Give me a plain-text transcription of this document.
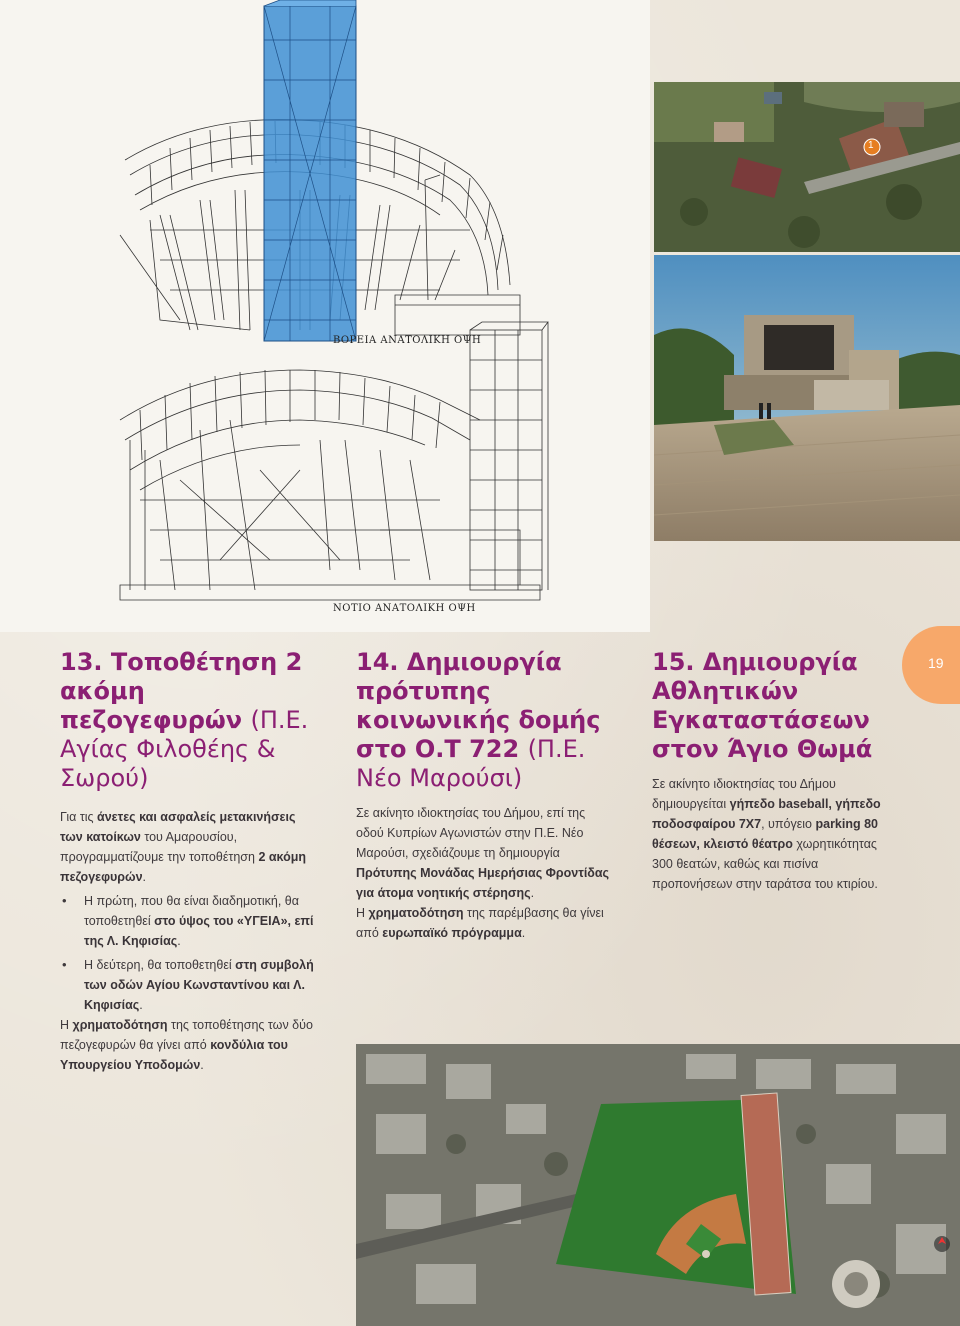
ΒΟΡΕΙΑ ΑΝΑΤΟΛΙΚΗ ΟΨΗ
ΝΟΤΙΟ ΑΝΑΤΟΛΙΚΗ ΟΨΗ
1
13. Τοποθέτηση 2 ακόμη πεζογεφυρών (Π.Ε. Αγίας Φιλοθέης & Σωρού)
Για τις άνετες και ασφαλείς μετακινήσεις των κατοίκων του Αμαρουσίου, προγραμματίζουμε την τοποθέτηση 2 ακόμη πεζογεφυρών.
• Η πρώτη, που θα είναι διαδημοτική, θα τοποθετηθεί στο ύψος του «ΥΓΕΙΑ», επί της Λ. Κηφισίας.
• Η δεύτερη, θα τοποθετηθεί στη συμβολή των οδών Αγίου Κωνσταντίνου και Λ. Κηφισίας.
Η χρηματοδότηση της τοποθέτησης των δύο πεζογεφυρών θα γίνει από κονδύλια του Υπουργείου Υποδομών.
14. Δημιουργία πρότυπης κοινωνικής δομής στο Ο.Τ 722 (Π.Ε. Νέο Μαρούσι)
Σε ακίνητο ιδιοκτησίας του Δήμου, επί της οδού Κυπρίων Αγωνιστών στην Π.Ε. Νέο Μαρούσι, σχεδιάζουμε τη δημιουργία Πρότυπης Μονάδας Ημερήσιας Φροντίδας για άτομα νοητικής στέρησης.
Η χρηματοδότηση της παρέμβασης θα γίνει από ευρωπαϊκό πρόγραμμα.
15. Δημιουργία Αθλητικών Εγκαταστάσεων στον Άγιο Θωμά
Σε ακίνητο ιδιοκτησίας του Δήμου δημιουργείται γήπεδο baseball, γήπεδο ποδοσφαίρου 7Χ7, υπόγειο parking 80 θέσεων, κλειστό θέατρο χωρητικότητας 300 θεατών, καθώς και πισίνα προπονήσεων στην ταράτσα του κτιρίου.
19
